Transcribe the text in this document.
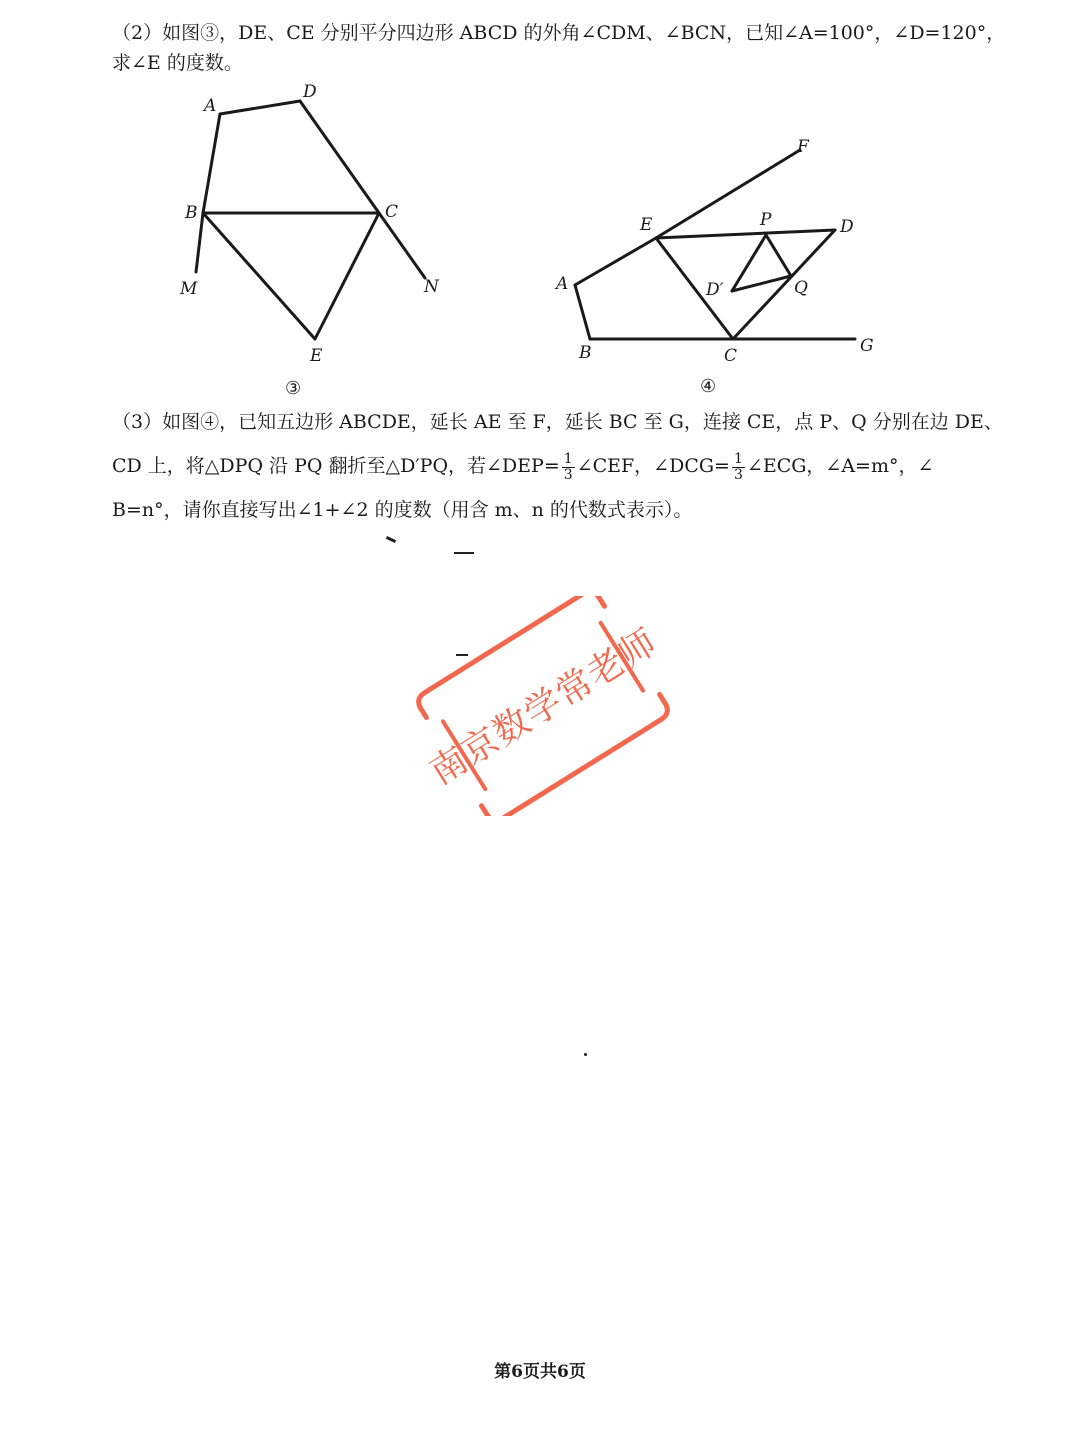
（2）如图③，DE、CE 分别平分四边形 ABCD 的外角∠CDM、∠BCN，已知∠A=100°，∠D=120°，
求∠E 的度数。
A
D
B	C
M	N
E
③
F
E	P	D
A	D′	Q
B	C	G
④
（3）如图④，已知五边形 ABCDE，延长 AE 至 F，延长 BC 至 G，连接 CE，点 P、Q 分别在边 DE、
CD 上，将△DPQ 沿 PQ 翻折至△D′PQ，若∠DEP= $\frac{1}{3}$ ∠CEF，∠DCG= $\frac{1}{3}$ ∠ECG，∠A=m°，∠
B=n°，请你直接写出∠1+∠2 的度数（用含 m、n 的代数式表示）。
南京数学常老师
第6页共6页
